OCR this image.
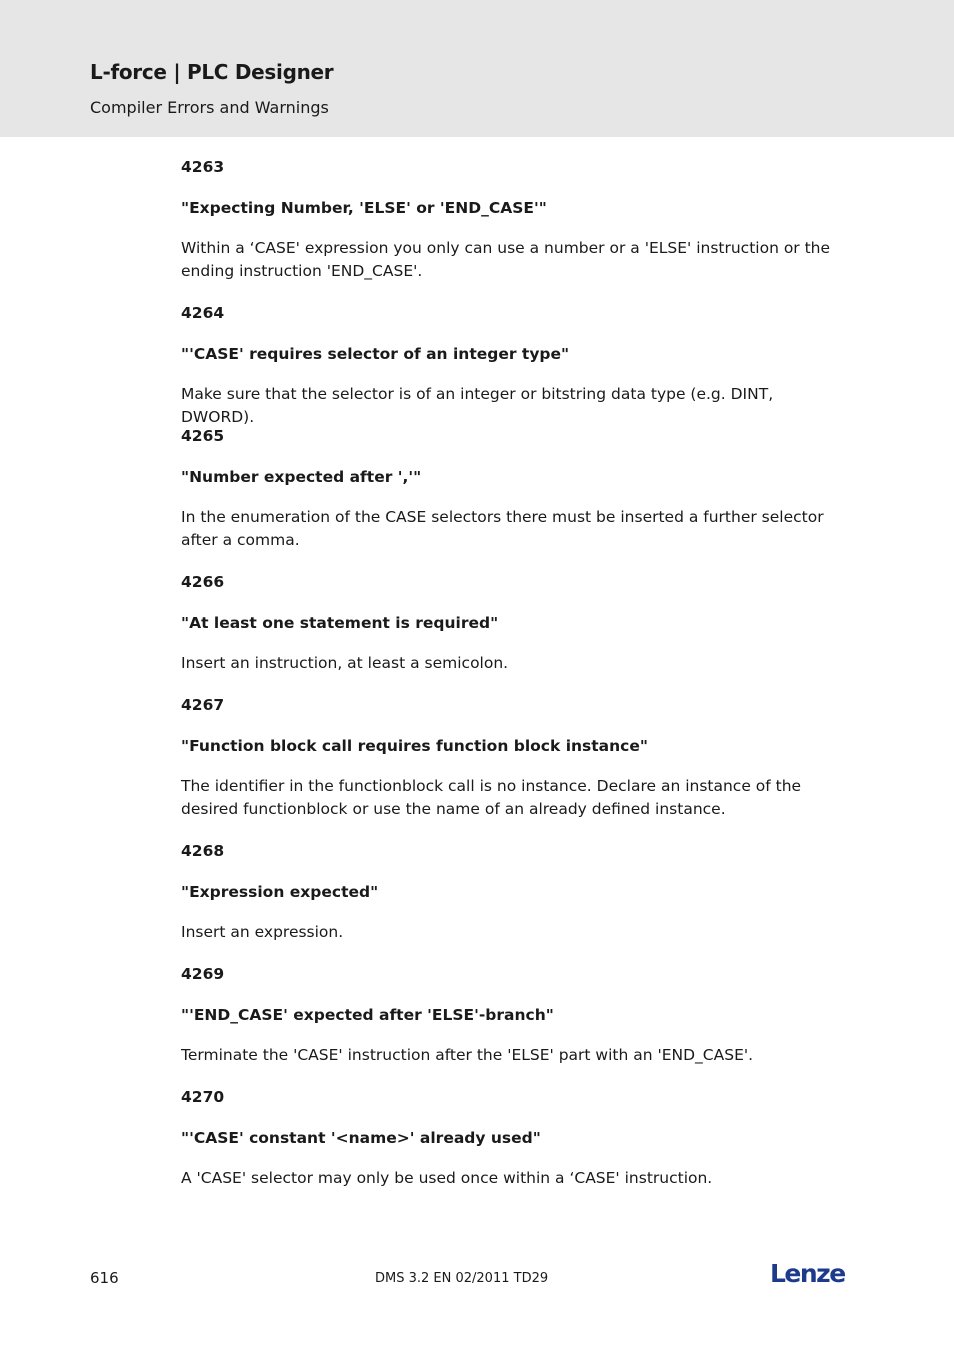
L-force | PLC Designer
Compiler Errors and Warnings
4263
"Expecting Number, 'ELSE' or 'END_CASE'"

Within a ‘CASE' expression you only can use a number or a 'ELSE' instruction or the ending instruction 'END_CASE'.

4264
"'CASE' requires selector of an integer type"

Make sure that the selector is of an integer or bitstring data type (e.g. DINT, DWORD).

4265
"Number expected after ','"

In the enumeration of the CASE selectors there must be inserted a further selector after a comma.

4266
"At least one statement is required"

Insert an instruction, at least a semicolon.

4267
"Function block call requires function block instance"

The identifier in the functionblock call is no instance. Declare an instance of the desired functionblock or use the name of an already defined instance.

4268
"Expression expected"

Insert an expression.

4269
"'END_CASE' expected after 'ELSE'-branch"

Terminate the 'CASE' instruction after the 'ELSE' part with an 'END_CASE'.

4270
"'CASE' constant '<name>' already used"

A 'CASE' selector may only be used once within a ‘CASE' instruction.

616	DMS 3.2 EN 02/2011 TD29	Lenze
